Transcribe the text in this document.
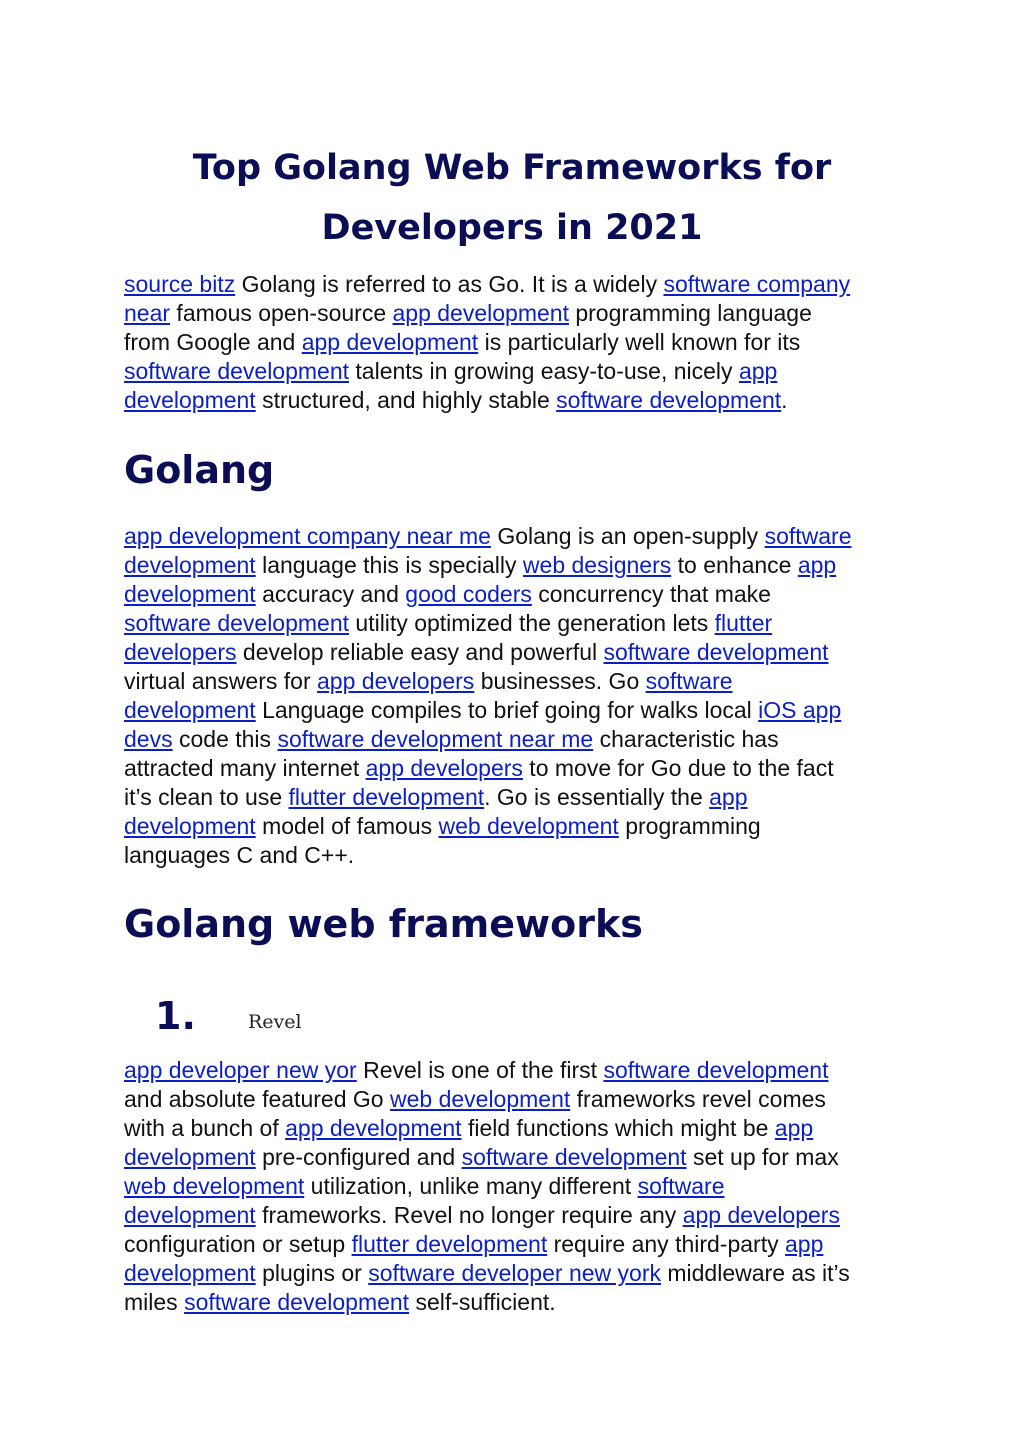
Top Golang Web Frameworks for
Developers in 2021

source bitz Golang is referred to as Go. It is a widely software company
near famous open-source app development programming language
from Google and app development is particularly well known for its
software development talents in growing easy-to-use, nicely app
development structured, and highly stable software development.

Golang

app development company near me Golang is an open-supply software
development language this is specially web designers to enhance app
development accuracy and good coders concurrency that make
software development utility optimized the generation lets flutter
developers develop reliable easy and powerful software development
virtual answers for app developers businesses. Go software
development Language compiles to brief going for walks local iOS app
devs code this software development near me characteristic has
attracted many internet app developers to move for Go due to the fact
it’s clean to use flutter development. Go is essentially the app
development model of famous web development programming
languages C and C++.

Golang web frameworks
1.	Revel

app developer new yor Revel is one of the first software development
and absolute featured Go web development frameworks revel comes
with a bunch of app development field functions which might be app
development pre-configured and software development set up for max
web development utilization, unlike many different software
development frameworks. Revel no longer require any app developers
configuration or setup flutter development require any third-party app
development plugins or software developer new york middleware as it’s
miles software development self-sufficient.
